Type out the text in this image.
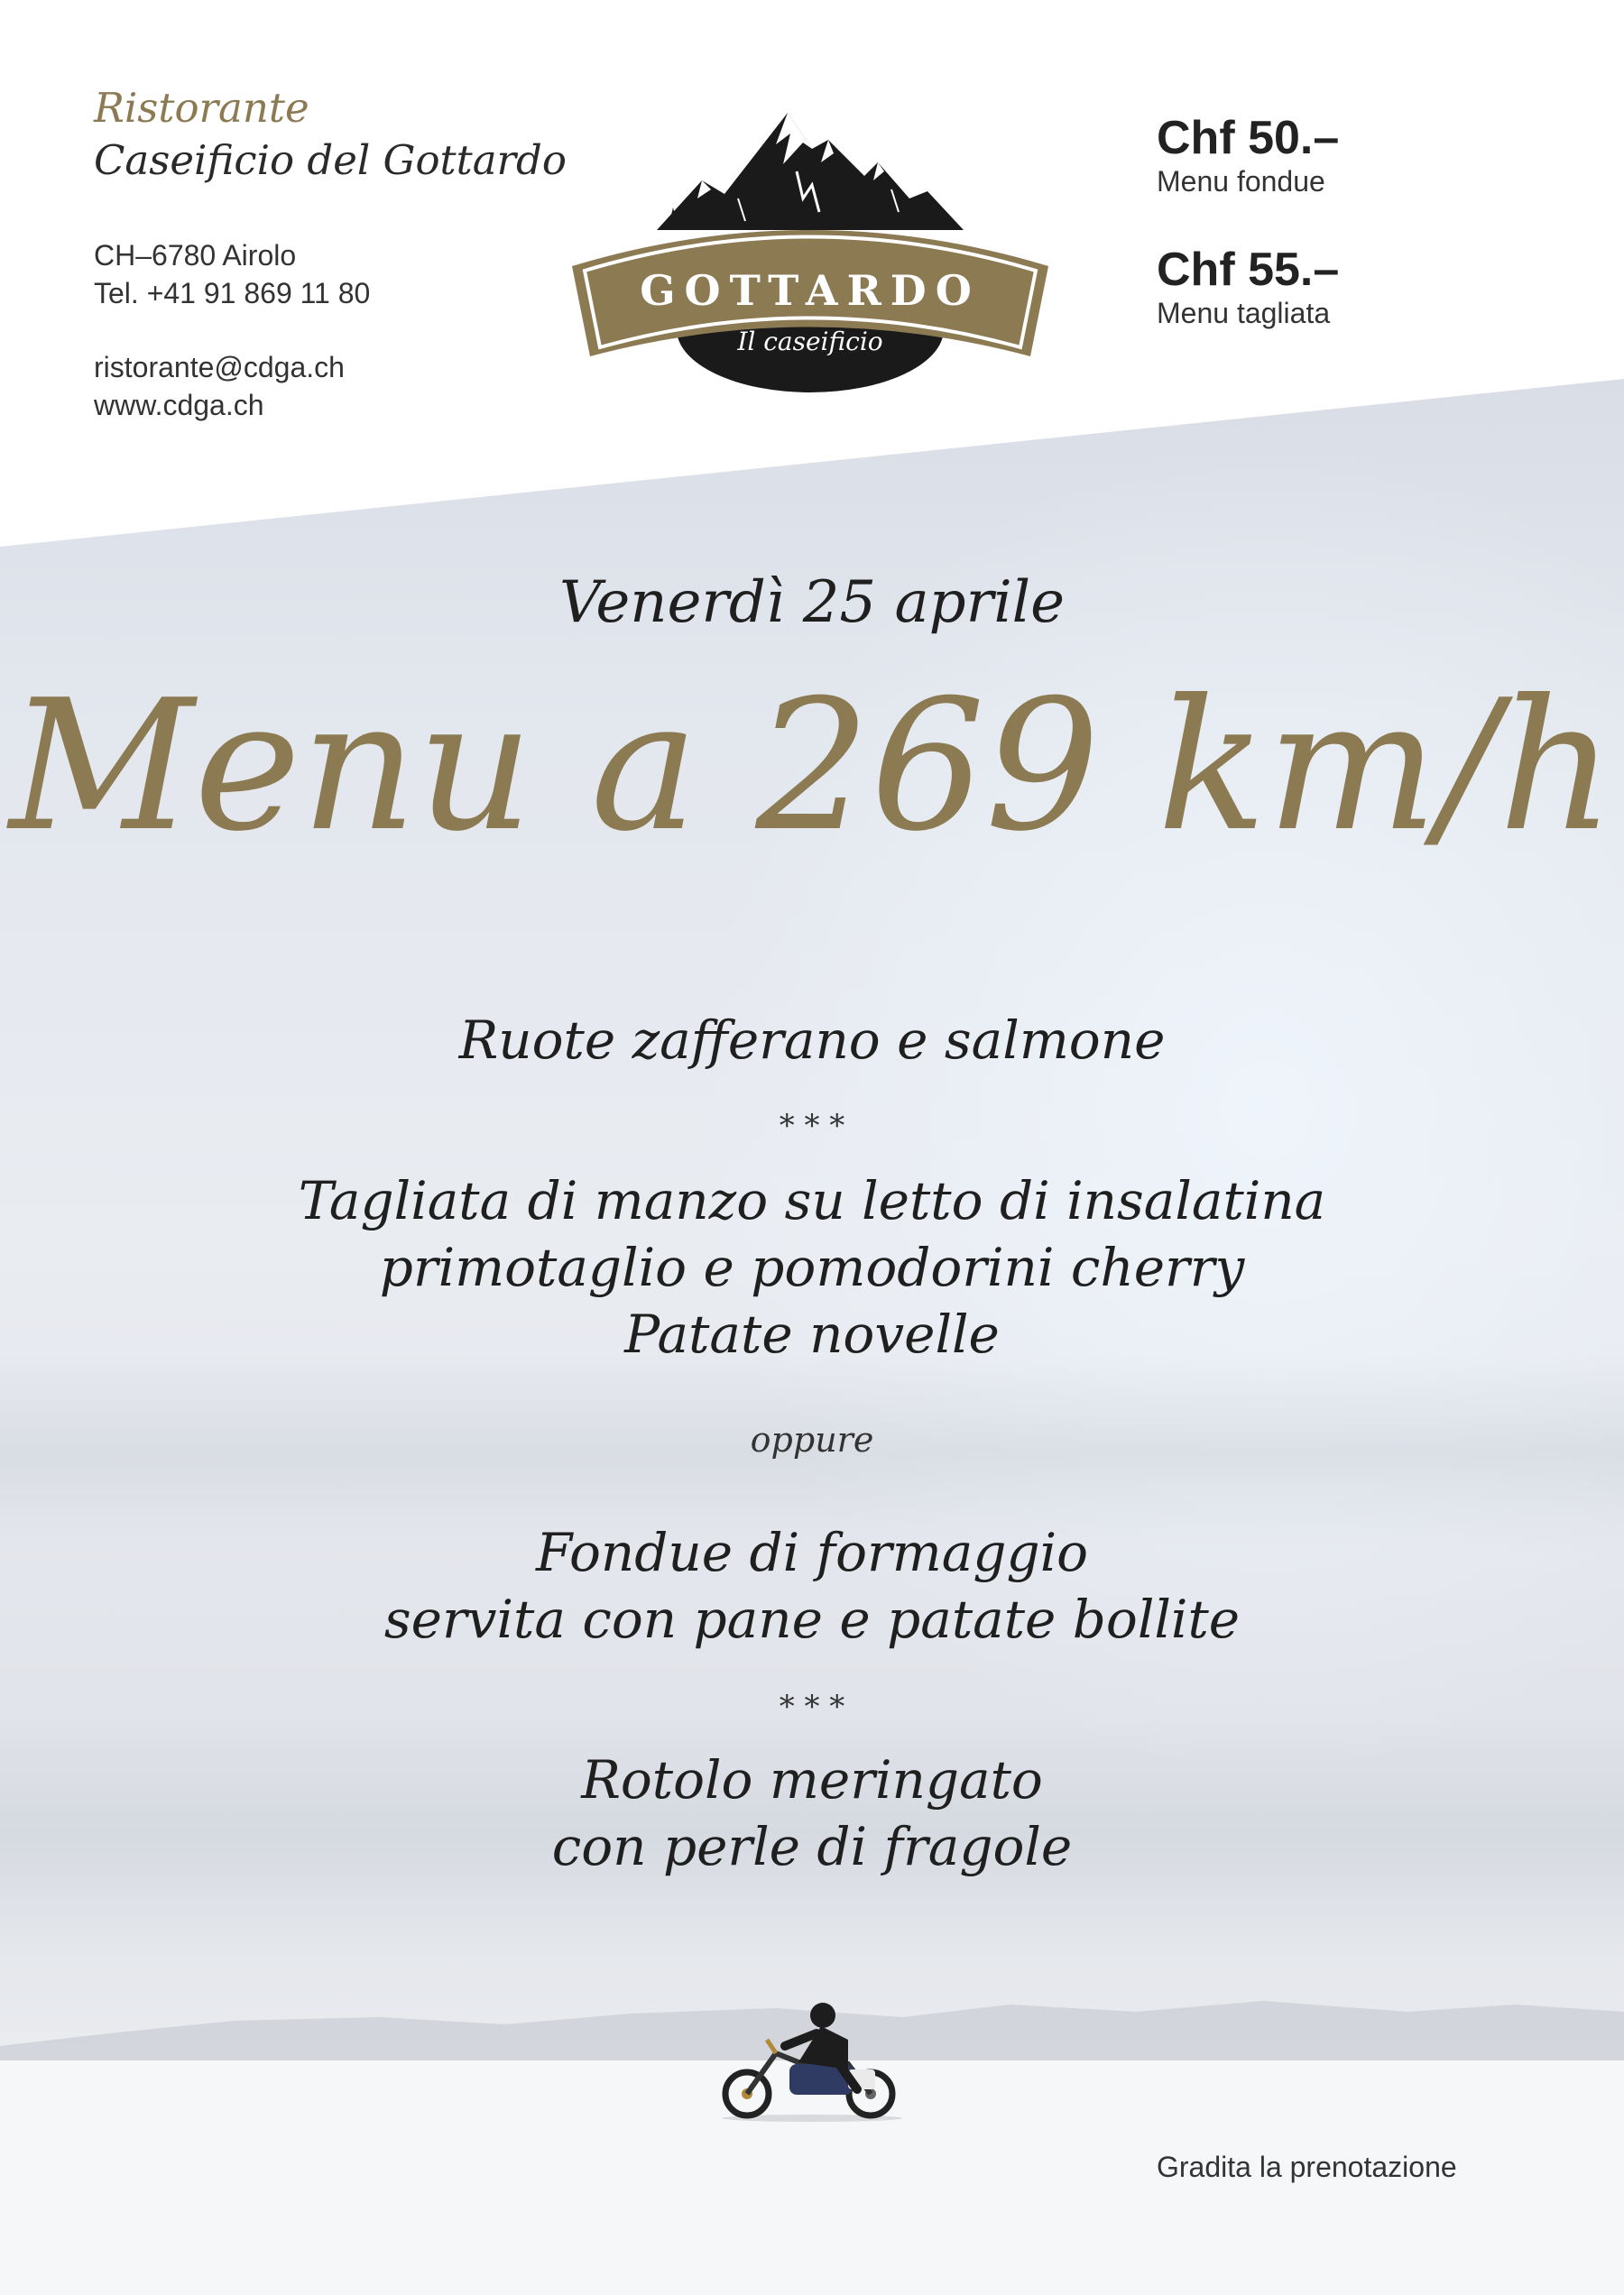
Ristorante
Caseificio del Gottardo
CH–6780 Airolo
Tel. +41 91 869 11 80
ristorante@cdga.ch
www.cdga.ch
GOTTARDO
Il caseificio
Chf 50.–
Menu fondue
Chf 55.–
Menu tagliata
Venerdì 25 aprile
Menu a 269 km/h
Ruote zafferano e salmone
* * *
Tagliata di manzo su letto di insalatina
primotaglio e pomodorini cherry
Patate novelle
oppure
Fondue di formaggio
servita con pane e patate bollite
* * *
Rotolo meringato
con perle di fragole
Gradita la prenotazione
